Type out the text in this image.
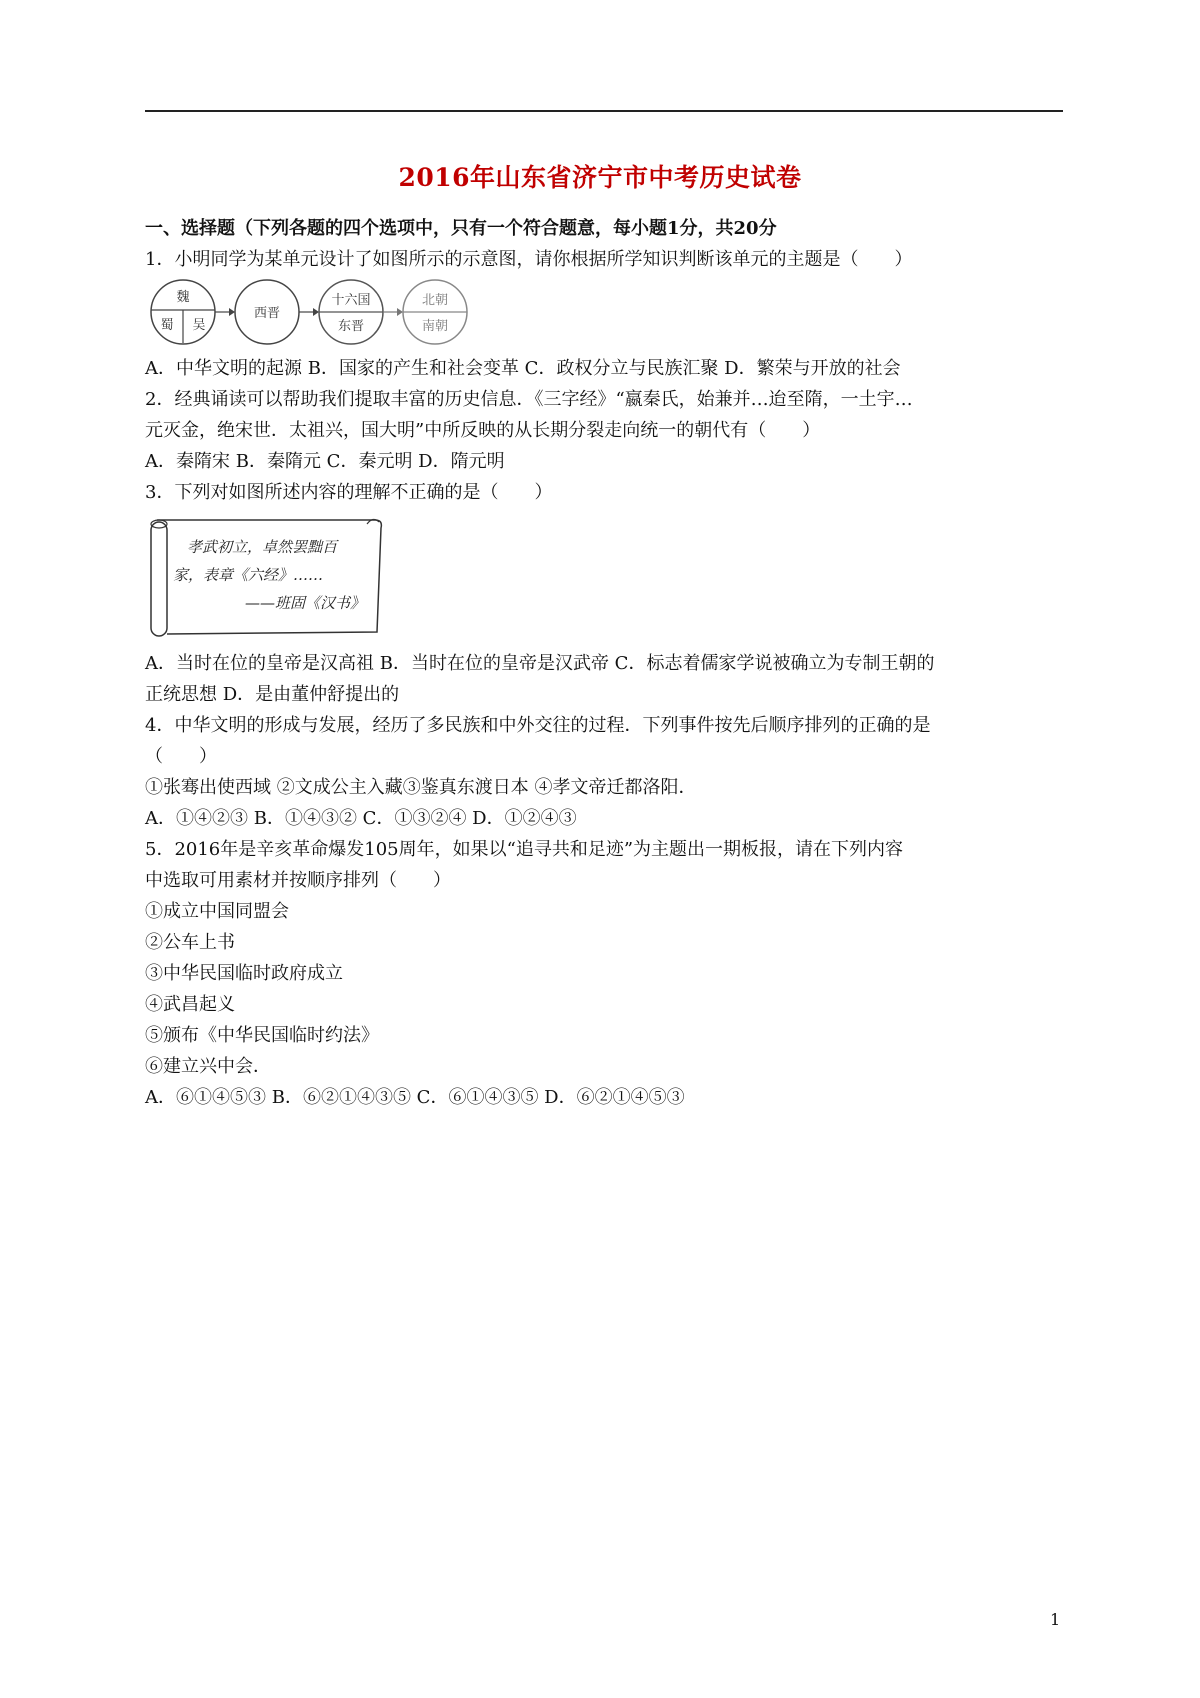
2016年山东省济宁市中考历史试卷
一、选择题（下列各题的四个选项中，只有一个符合题意，每小题1分，共20分
1．小明同学为某单元设计了如图所示的示意图，请你根据所学知识判断该单元的主题是（　　）
魏
蜀 吴
西晋
十六国
东晋
北朝
南朝
A．中华文明的起源 B．国家的产生和社会变革 C．政权分立与民族汇聚 D．繁荣与开放的社会
2．经典诵读可以帮助我们提取丰富的历史信息．《三字经》“嬴秦氏，始兼并…迨至隋，一土宇…
元灭金，绝宋世．太祖兴，国大明”中所反映的从长期分裂走向统一的朝代有（　　）
A．秦隋宋 B．秦隋元 C．秦元明 D．隋元明
3．下列对如图所述内容的理解不正确的是（　　）
孝武初立，卓然罢黜百
家，表章《六经》……
——班固《汉书》
A．当时在位的皇帝是汉高祖 B．当时在位的皇帝是汉武帝 C．标志着儒家学说被确立为专制王朝的
正统思想 D．是由董仲舒提出的
4．中华文明的形成与发展，经历了多民族和中外交往的过程．下列事件按先后顺序排列的正确的是
（　　）
①张骞出使西域 ②文成公主入藏③鉴真东渡日本 ④孝文帝迁都洛阳．
A．①④②③ B．①④③② C．①③②④ D．①②④③
5．2016年是辛亥革命爆发105周年，如果以“追寻共和足迹”为主题出一期板报，请在下列内容
中选取可用素材并按顺序排列（　　）
①成立中国同盟会
②公车上书
③中华民国临时政府成立
④武昌起义
⑤颁布《中华民国临时约法》
⑥建立兴中会．
A．⑥①④⑤③ B．⑥②①④③⑤ C．⑥①④③⑤ D．⑥②①④⑤③
1
